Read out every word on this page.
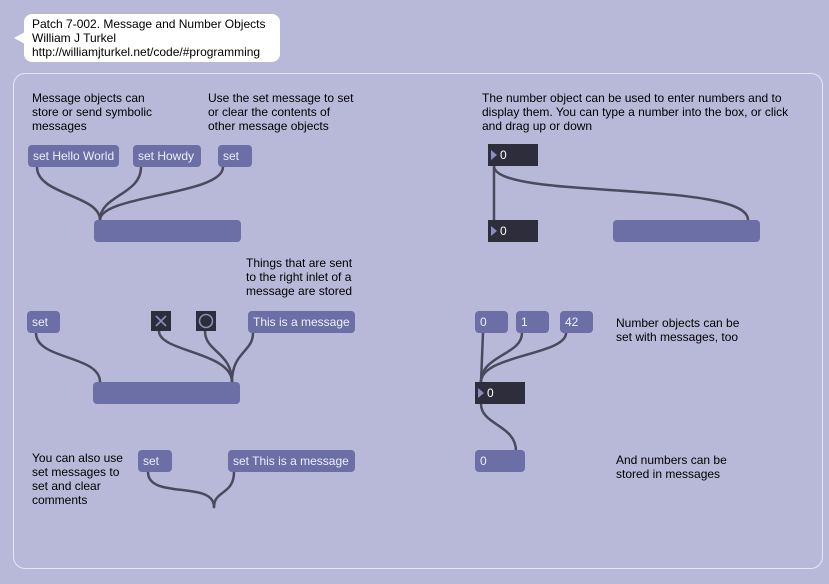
Patch 7-002. Message and Number Objects
William J Turkel
http://williamjturkel.net/code/#programming
Message objects can
store or send symbolic
messages
Use the set message to set
or clear the contents of
other message objects
The number object can be used to enter numbers and to
display them. You can type a number into the box, or click
and drag up or down
Things that are sent
to the right inlet of a
message are stored
Number objects can be
set with messages, too
You can also use
set messages to
set and clear
comments
And numbers can be
stored in messages
set Hello World	set Howdy	set	0
0
set	This is a message	0	1	42
0
0
set	set This is a message
